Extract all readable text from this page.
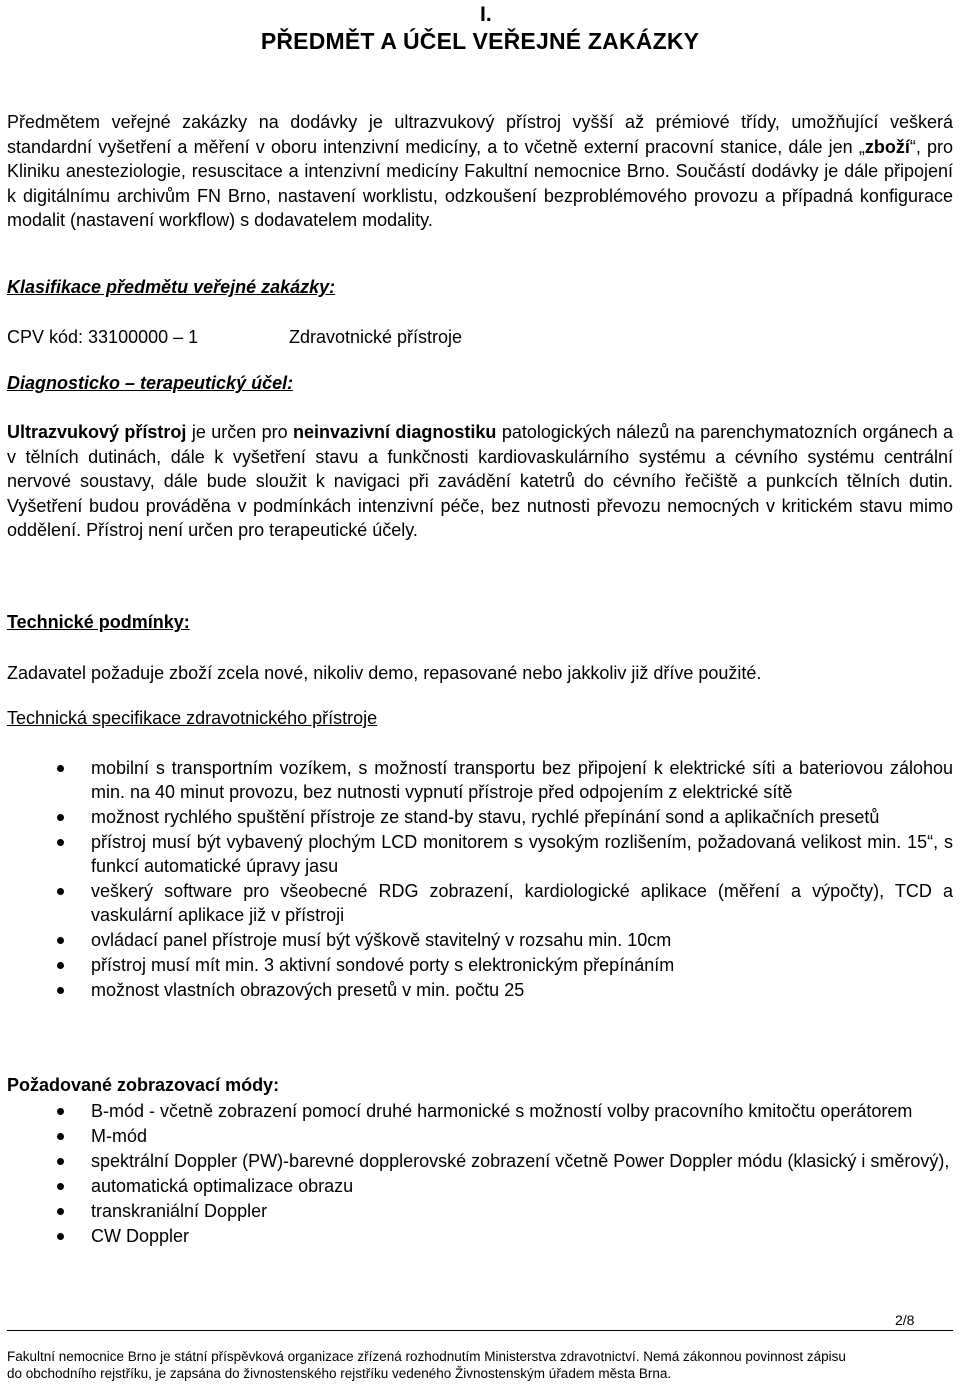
I.
PŘEDMĚT A ÚČEL VEŘEJNÉ ZAKÁZKY

Předmětem veřejné zakázky na dodávky je ultrazvukový přístroj vyšší až prémiové třídy, umožňující veškerá standardní vyšetření a měření v oboru intenzivní medicíny, a to včetně externí pracovní stanice, dále jen „zboží“, pro Kliniku anesteziologie, resuscitace a intenzivní medicíny Fakultní nemocnice Brno. Součástí dodávky je dále připojení k digitálnímu archivům FN Brno, nastavení worklistu, odzkoušení bezproblémového provozu a případná konfigurace modalit (nastavení workflow) s dodavatelem modality.

Klasifikace předmětu veřejné zakázky:
CPV kód: 33100000 – 1	Zdravotnické přístroje
Diagnosticko – terapeutický účel:

Ultrazvukový přístroj je určen pro neinvazivní diagnostiku patologických nálezů na parenchymatozních orgánech a v tělních dutinách, dále k vyšetření stavu a funkčnosti kardiovaskulárního systému a cévního systému centrální nervové soustavy, dále bude sloužit k navigaci při zavádění katetrů do cévního řečiště a punkcích tělních dutin. Vyšetření budou prováděna v podmínkách intenzivní péče, bez nutnosti převozu nemocných v kritickém stavu mimo oddělení. Přístroj není určen pro terapeutické účely.

Technické podmínky:
Zadavatel požaduje zboží zcela nové, nikoliv demo, repasované nebo jakkoliv již dříve použité.
Technická specifikace zdravotnického přístroje
mobilní s transportním vozíkem, s možností transportu bez připojení k elektrické síti a bateriovou zálohou min. na 40 minut provozu, bez nutnosti vypnutí přístroje před odpojením z elektrické sítě
možnost rychlého spuštění přístroje ze stand-by stavu, rychlé přepínání sond a aplikačních presetů
přístroj musí být vybavený plochým LCD monitorem s vysokým rozlišením, požadovaná velikost min. 15“, s funkcí automatické úpravy jasu
veškerý software pro všeobecné RDG zobrazení, kardiologické aplikace (měření a výpočty), TCD a vaskulární aplikace již v přístroji
ovládací panel přístroje musí být výškově stavitelný v rozsahu min. 10cm
přístroj musí mít min. 3 aktivní sondové porty s elektronickým přepínáním
možnost vlastních obrazových presetů v min. počtu 25
Požadované zobrazovací módy:
B-mód - včetně zobrazení pomocí druhé harmonické s možností volby pracovního kmitočtu operátorem
M-mód
spektrální Doppler (PW)-barevné dopplerovské zobrazení včetně Power Doppler módu (klasický i směrový),
automatická optimalizace obrazu
transkraniální Doppler
CW Doppler
2/8
Fakultní nemocnice Brno je státní příspěvková organizace zřízená rozhodnutím Ministerstva zdravotnictví. Nemá zákonnou povinnost zápisu
do obchodního rejstříku, je zapsána do živnostenského rejstříku vedeného Živnostenským úřadem města Brna.
